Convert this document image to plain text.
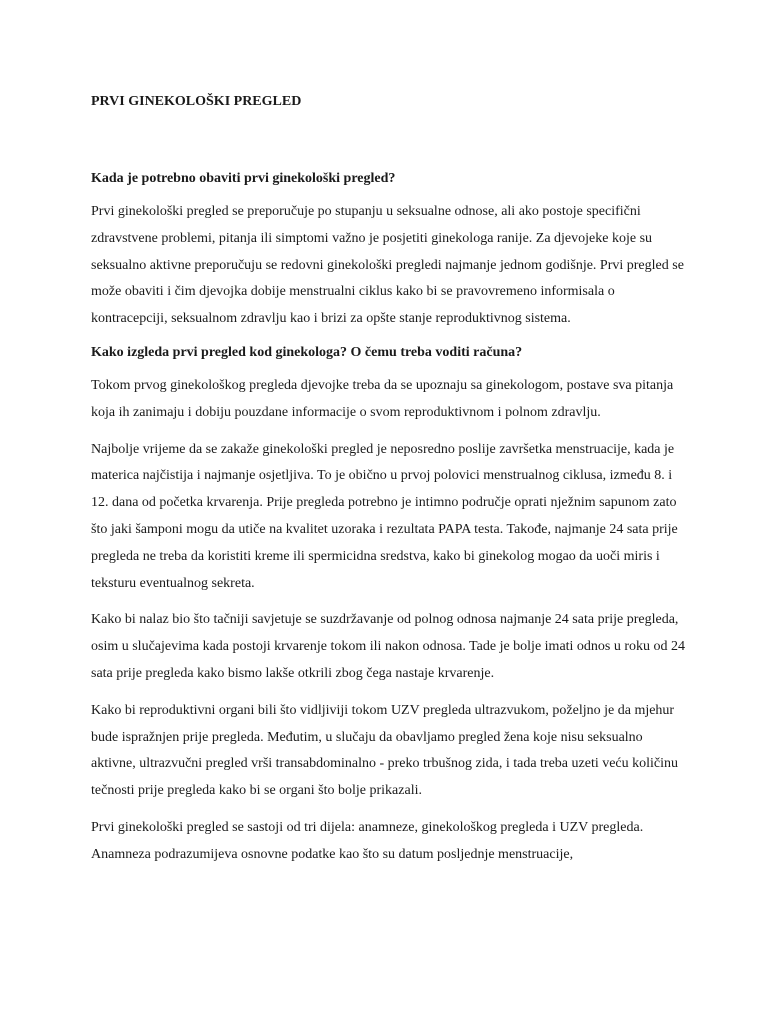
PRVI GINEKOLOŠKI PREGLED
Kada je potrebno obaviti prvi ginekološki pregled?
Prvi ginekološki pregled se preporučuje po stupanju u seksualne odnose, ali ako postoje specifični zdravstvene problemi, pitanja ili simptomi važno je posjetiti ginekologa ranije. Za djevojeke koje su seksualno aktivne preporučuju se redovni ginekološki pregledi najmanje jednom godišnje. Prvi pregled se može obaviti i čim djevojka dobije menstrualni ciklus kako bi se pravovremeno informisala o kontracepciji, seksualnom zdravlju kao i brizi za opšte stanje reproduktivnog sistema.
Kako izgleda prvi pregled kod ginekologa? O čemu treba voditi računa?
Tokom prvog ginekološkog pregleda djevojke treba da se upoznaju sa ginekologom, postave sva pitanja koja ih zanimaju i dobiju pouzdane informacije o svom reproduktivnom i polnom zdravlju.
Najbolje vrijeme da se zakaže ginekološki pregled je neposredno poslije završetka menstruacije, kada je materica najčistija i najmanje osjetljiva. To je obično u prvoj polovici menstrualnog ciklusa, između 8. i 12. dana od početka krvarenja. Prije pregleda potrebno je intimno područje oprati nježnim sapunom zato što jaki šamponi mogu da utiče na kvalitet uzoraka i rezultata PAPA testa. Takođe, najmanje 24 sata prije pregleda ne treba da koristiti kreme ili spermicidna sredstva, kako bi ginekolog mogao da uoči miris i teksturu eventualnog sekreta.
Kako bi nalaz bio što tačniji savjetuje se suzdržavanje od polnog odnosa najmanje 24 sata prije pregleda, osim u slučajevima kada postoji krvarenje tokom ili nakon odnosa. Tade je bolje imati odnos u roku od 24 sata prije pregleda kako bismo lakše otkrili zbog čega nastaje krvarenje.
Kako bi reproduktivni organi bili što vidljiviji tokom UZV pregleda ultrazvukom, poželjno je da mjehur bude ispražnjen prije pregleda. Međutim, u slučaju da obavljamo pregled žena koje nisu seksualno aktivne, ultrazvučni pregled vrši transabdominalno - preko trbušnog zida, i tada treba uzeti veću količinu tečnosti prije pregleda kako bi se organi što bolje prikazali.
Prvi ginekološki pregled se sastoji od tri dijela: anamneze, ginekološkog pregleda i UZV pregleda. Anamneza podrazumijeva osnovne podatke kao što su datum posljednje menstruacije,
